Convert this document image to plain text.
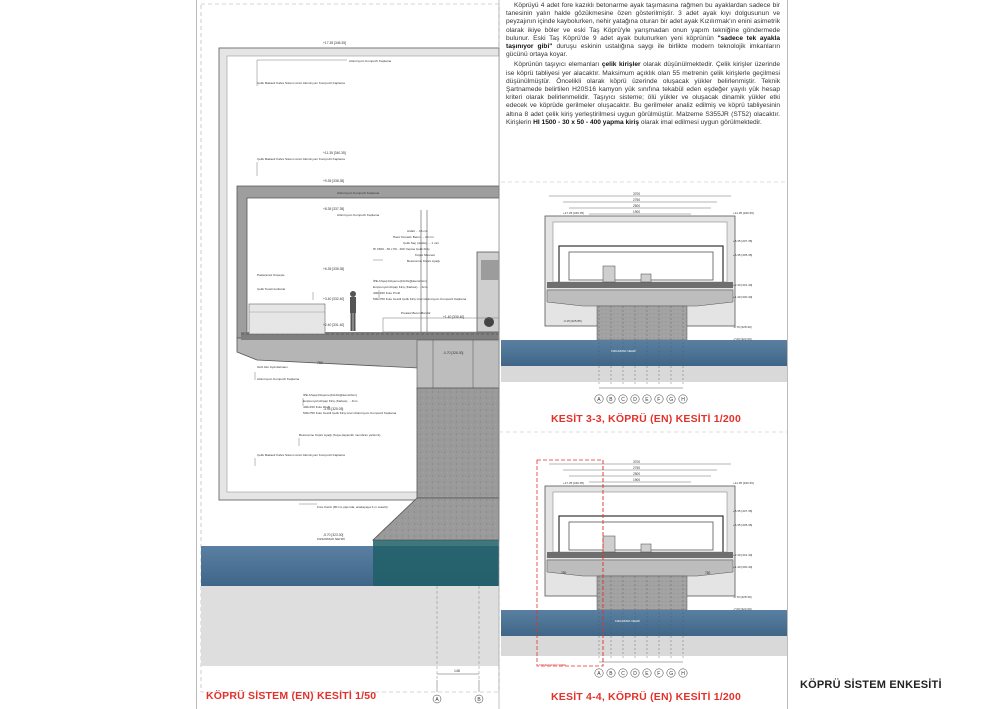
148
A	B
+17.35 [346.35]
+11.35 [340.35]
+9.35 [338.35]
+8.35 [337.35]
+6.35 [335.35]
+3.40 [332.40]
+2.40 [331.40]
+1.40 [330.40]
-0.70 [328.30]
-3.95 [325.05]
-5.70 [323.30]
Alüminyum Kompozit Kaplama
Çelik Makaslı Kafes Sistem üzeri Alüminyum Kompozit Kaplama
Çelik Makaslı Kafes Sistem üzeri Alüminyum Kompozit Kaplama
Alüminyum Kompozit Kaplama
Alüminyum Kompozit Kaplama
Asfalt ... 15 cm
Hasır Donatılı Beton ... 20 cm
Çelik Saç (oluklu) ... 1 mm
HI 1500 - 30 x 50 - 400 Yapma Çelik Kiriş
Köprü Mesneti
Betonarme Köprü Ayağı
Paslanmaz Küpeşte
Çelik Teneli korkuluk
İPE Ahşap Döşeme(10x0x@ikensi3cm)
Emprenyeli Ahşap Kiriş (Karkas) ... 3cm
400x150 Kutu Profil
500x750 Kutu Kesitli Çelik Kiriş üzeri Alüminyum Kompozit Kaplama
Prekast Beton Bordür
Gizli Alın Aydınlatması
Alüminyum Kompozit Kaplama
İPE Ahşap Döşeme(10x0x@ikensi3cm)
Emprenyeli Ahşap Kiriş (Karkas) ... 3cm
400x150 Kutu Profil
500x750 Kutu Kesitli Çelik Kiriş üzeri Alüminyum Kompozit Kaplama
Betonarme Köprü Ayağı (Suya dayanıklı membran yalıtımlı)
Çelik Makaslı Kafes Sistem üzeri Alüminyum Kompozit Kaplama
Fore Kazık (80 cm çapında, anakayaya 3 m soketli)
KIZILIRMAK NEHRİ
750
3700
2750
2500
1900
A B C D E F G H
+17.35 [346.35]	+11.35 [340.35]
+8.35 [337.35]
+6.35 [335.35]
+2.40 [331.40]
+1.40 [330.40]
-0.70 [328.30]
-7.00 [322.00]
-3.15 [325.85]
KIZILIRMAK NEHRİ
3700
2750
2500
1900
A B C D E F G H
+17.35 [346.35]	+11.35 [340.35]
+8.35 [337.35]
+6.35 [335.35]
+2.40 [331.40]
+1.40 [330.40]
-0.70 [328.30]
-7.00 [322.00]
KIZILIRMAK NEHRİ
SİSTEM KESİTİ SINIRI
750	750

Köprüyü 4 adet fore kazıklı betonarme ayak taşımasına rağmen bu ayaklardan sadece bir tanesinin yalın halde gözükmesine özen gösterilmiştir. 3 adet ayak kıyı dolgusunun ve peyzajının içinde kaybolurken, nehir yatağına oturan bir adet ayak Kızılırmak'ın enini asimetrik olarak ikiye böler ve eski Taş Köprü'yle yarışmadan onun yapım tekniğine göndermede bulunur. Eski Taş Köprü'de 9 adet ayak bulunurken yeni köprünün "sadece tek ayakla taşınıyor gibi" duruşu eskinin ustalığına saygı ile birlikte modern teknolojik imkanların gücünü ortaya koyar.

Köprünün taşıyıcı elemanları çelik kirişler olarak düşünülmektedir. Çelik kirişler üzerinde ise köprü tabliyesi yer alacaktır. Maksimum açıklık olan 55 metrenin çelik kirişlerle geçilmesi düşünülmüştür. Öncelikli olarak köprü üzerinde oluşacak yükler belirlenmiştir. Teknik Şartnamede belirtilen H20S16 kamyon yük sınıfına tekabül eden eşdeğer yayılı yük hesap kriteri olarak belirlenmelidir. Taşıyıcı sisteme; ölü yükler ve oluşacak dinamik yükler etki edecek ve köprüde gerilmeler oluşacaktır. Bu gerilmeler analiz edilmiş ve köprü tabliyesinin altına 8 adet çelik kiriş yerleştirilmesi uygun görülmüştür. Malzeme S355JR (ST52) olacaktır. Kirişlerin HI 1500 - 30 x 50 - 400 yapma kiriş olarak imal edilmesi uygun görülmektedir.

KÖPRÜ SİSTEM (EN) KESİTİ 1/50
KESİT 3-3, KÖPRÜ (EN) KESİTİ 1/200
KESİT 4-4, KÖPRÜ (EN) KESİTİ 1/200
KÖPRÜ SİSTEM ENKESİTİ
